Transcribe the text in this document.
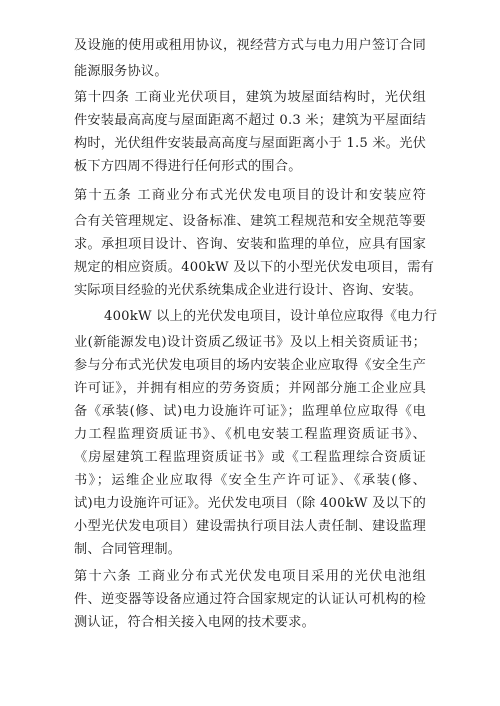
及设施的使用或租用协议，视经营方式与电力用户签订合同
能源服务协议。
第十四条 工商业光伏项目，建筑为坡屋面结构时，光伏组
件安装最高高度与屋面距离不超过 0.3 米；建筑为平屋面结
构时，光伏组件安装最高高度与屋面距离小于 1.5 米。光伏
板下方四周不得进行任何形式的围合。
第十五条 工商业分布式光伏发电项目的设计和安装应符
合有关管理规定、设备标准、建筑工程规范和安全规范等要
求。承担项目设计、咨询、安装和监理的单位，应具有国家
规定的相应资质。400kW 及以下的小型光伏发电项目，需有
实际项目经验的光伏系统集成企业进行设计、咨询、安装。
400kW 以上的光伏发电项目，设计单位应取得《电力行
业(新能源发电)设计资质乙级证书》及以上相关资质证书；
参与分布式光伏发电项目的场内安装企业应取得《安全生产
许可证》，并拥有相应的劳务资质；并网部分施工企业应具
备《承装(修、试)电力设施许可证》；监理单位应取得《电
力工程监理资质证书》、《机电安装工程监理资质证书》、
《房屋建筑工程监理资质证书》或《工程监理综合资质证
书》；运维企业应取得《安全生产许可证》、《承装(修、
试)电力设施许可证》。光伏发电项目（除 400kW 及以下的
小型光伏发电项目）建设需执行项目法人责任制、建设监理
制、合同管理制。
第十六条 工商业分布式光伏发电项目采用的光伏电池组
件、逆变器等设备应通过符合国家规定的认证认可机构的检
测认证，符合相关接入电网的技术要求。
